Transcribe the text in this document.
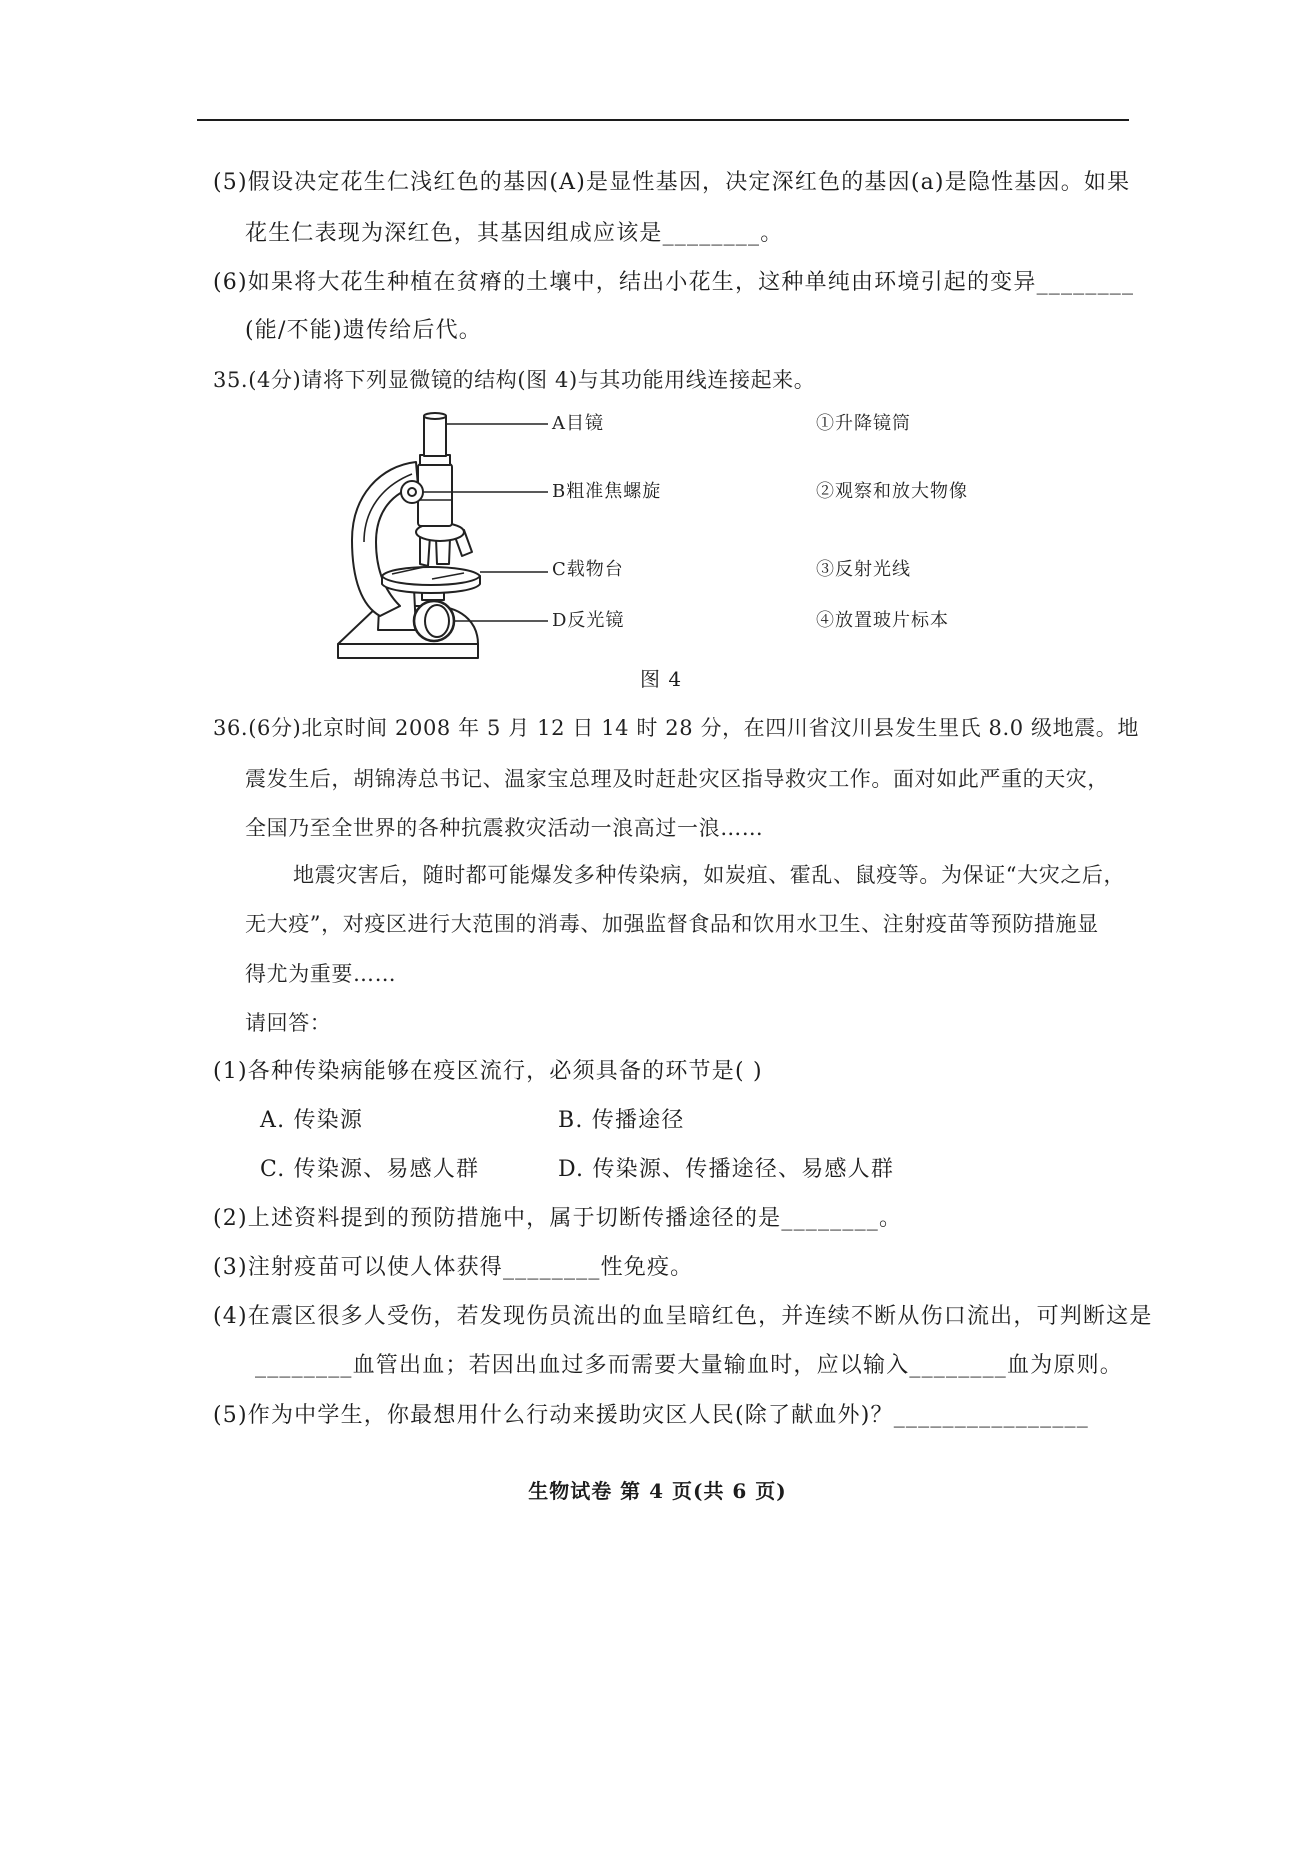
(5)假设决定花生仁浅红色的基因(A)是显性基因，决定深红色的基因(a)是隐性基因。如果
花生仁表现为深红色，其基因组成应该是________。
(6)如果将大花生种植在贫瘠的土壤中，结出小花生，这种单纯由环境引起的变异________
(能/不能)遗传给后代。
35.(4分)请将下列显微镜的结构(图 4)与其功能用线连接起来。
A目镜
B粗准焦螺旋
C载物台
D反光镜
①升降镜筒
②观察和放大物像
③反射光线
④放置玻片标本
图 4
36.(6分)北京时间 2008 年 5 月 12 日 14 时 28 分，在四川省汶川县发生里氏 8.0 级地震。地
震发生后，胡锦涛总书记、温家宝总理及时赶赴灾区指导救灾工作。面对如此严重的天灾，
全国乃至全世界的各种抗震救灾活动一浪高过一浪……
地震灾害后，随时都可能爆发多种传染病，如炭疽、霍乱、鼠疫等。为保证“大灾之后，
无大疫”，对疫区进行大范围的消毒、加强监督食品和饮用水卫生、注射疫苗等预防措施显
得尤为重要……
请回答：
(1)各种传染病能够在疫区流行，必须具备的环节是( )
A. 传染源	B. 传播途径
C. 传染源、易感人群	D. 传染源、传播途径、易感人群
(2)上述资料提到的预防措施中，属于切断传播途径的是________。
(3)注射疫苗可以使人体获得________性免疫。
(4)在震区很多人受伤，若发现伤员流出的血呈暗红色，并连续不断从伤口流出，可判断这是
________血管出血；若因出血过多而需要大量输血时，应以输入________血为原则。
(5)作为中学生，你最想用什么行动来援助灾区人民(除了献血外)？________________
生物试卷 第 4 页(共 6 页)
